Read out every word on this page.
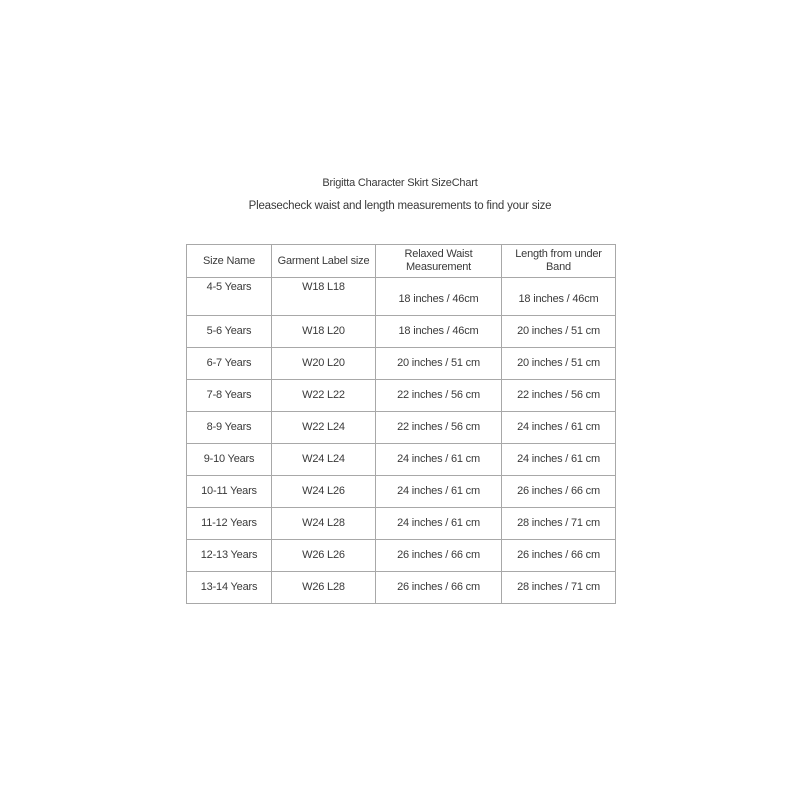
Brigitta Character Skirt SizeChart
Pleasecheck waist and length measurements to find your size
Size Name	Garment Label size	Relaxed Waist Measurement	Length from under Band
4-5 Years	W18 L18	18 inches / 46cm	18 inches / 46cm
5-6 Years	W18 L20	18 inches / 46cm	20 inches / 51 cm
6-7 Years	W20 L20	20 inches / 51 cm	20 inches / 51 cm
7-8 Years	W22 L22	22 inches / 56 cm	22 inches / 56 cm
8-9 Years	W22 L24	22 inches / 56 cm	24 inches / 61 cm
9-10 Years	W24 L24	24 inches / 61 cm	24 inches / 61 cm
10-11 Years	W24 L26	24 inches / 61 cm	26 inches / 66 cm
11-12 Years	W24 L28	24 inches / 61 cm	28 inches / 71 cm
12-13 Years	W26 L26	26 inches / 66 cm	26 inches / 66 cm
13-14 Years	W26 L28	26 inches / 66 cm	28 inches / 71 cm
